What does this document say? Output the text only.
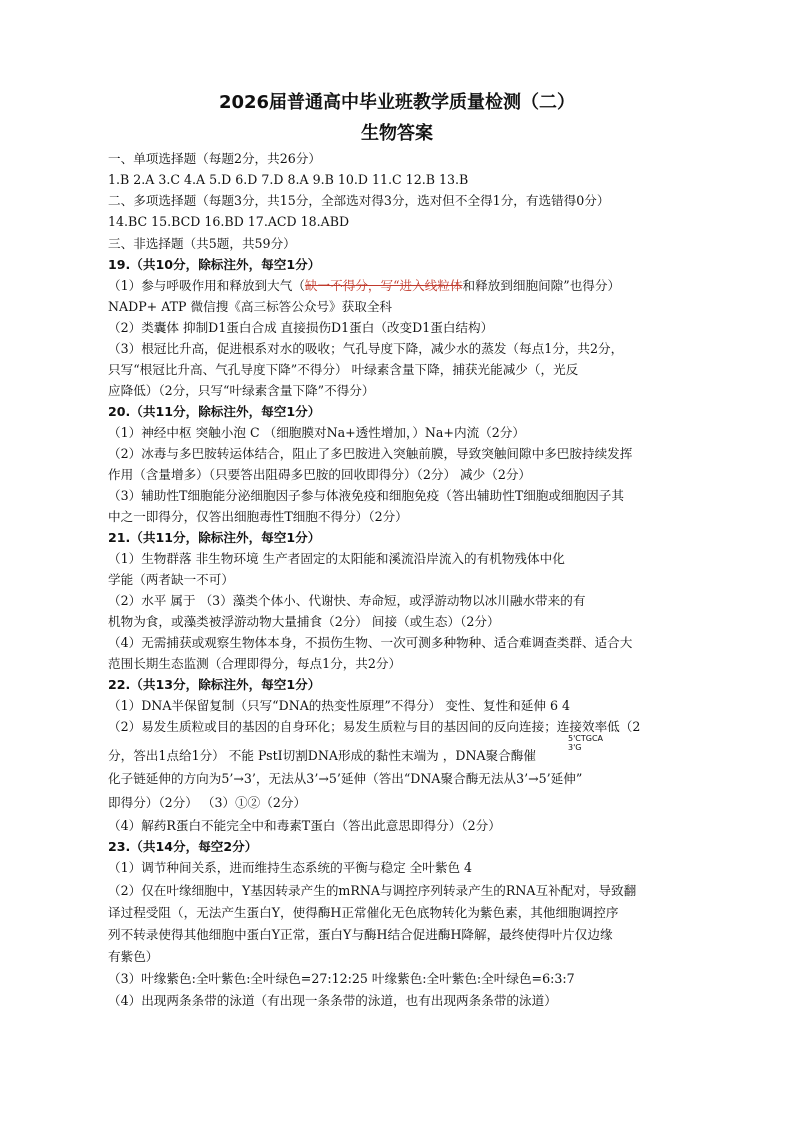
2026届普通高中毕业班教学质量检测（二）
生物答案
一、单项选择题（每题2分，共26分）
1.B 2.A 3.C 4.A 5.D 6.D 7.D 8.A 9.B 10.D 11.C 12.B 13.B
二、多项选择题（每题3分，共15分，全部选对得3分，选对但不全得1分，有选错得0分）
14.BC 15.BCD 16.BD 17.ACD 18.ABD
三、非选择题（共5题，共59分）
19.（共10分，除标注外，每空1分）
（1）参与呼吸作用和释放到大气（缺一不得分，写“进入线粒体和释放到细胞间隙”也得分）
NADP+ ATP 微信搜《高三标答公众号》获取全科
（2）类囊体 抑制D1蛋白合成 直接损伤D1蛋白（改变D1蛋白结构）
（3）根冠比升高，促进根系对水的吸收；气孔导度下降，减少水的蒸发（每点1分，共2分，
只写“根冠比升高、气孔导度下降”不得分） 叶绿素含量下降，捕获光能减少（，光反
应降低）（2分，只写“叶绿素含量下降”不得分）
20.（共11分，除标注外，每空1分）
（1）神经中枢 突触小泡 C （细胞膜对Na+透性增加，）Na+内流（2分）
（2）冰毒与多巴胺转运体结合，阻止了多巴胺进入突触前膜，导致突触间隙中多巴胺持续发挥
作用（含量增多）（只要答出阻碍多巴胺的回收即得分）（2分） 减少（2分）
（3）辅助性T细胞能分泌细胞因子参与体液免疫和细胞免疫（答出辅助性T细胞或细胞因子其
中之一即得分，仅答出细胞毒性T细胞不得分）（2分）
21.（共11分，除标注外，每空1分）
（1）生物群落 非生物环境 生产者固定的太阳能和溪流沿岸流入的有机物残体中化
学能（两者缺一不可）
（2）水平 属于 （3）藻类个体小、代谢快、寿命短，或浮游动物以冰川融水带来的有
机物为食，或藻类被浮游动物大量捕食（2分） 间接（或生态）（2分）
（4）无需捕获或观察生物体本身，不损伤生物、一次可测多种物种、适合难调查类群、适合大
范围长期生态监测（合理即得分，每点1分，共2分）
22.（共13分，除标注外，每空1分）
（1）DNA半保留复制（只写“DNA的热变性原理”不得分） 变性、复性和延伸 6 4
（2）易发生质粒或目的基因的自身环化；易发生质粒与目的基因间的反向连接；连接效率低（2
分，答出1点给1分） 不能 PstI切割DNA形成的黏性末端为 ，DNA聚合酶催
5'CTGCA
3'G
化子链延伸的方向为5’→3’，无法从3’→5’延伸（答出“DNA聚合酶无法从3’→5’延伸”
即得分）（2分） （3）①②（2分）
（4）解药R蛋白不能完全中和毒素T蛋白（答出此意思即得分）（2分）
23.（共14分，每空2分）
（1）调节种间关系，进而维持生态系统的平衡与稳定 全叶紫色 4
（2）仅在叶缘细胞中，Y基因转录产生的mRNA与调控序列转录产生的RNA互补配对，导致翻
译过程受阻（，无法产生蛋白Y，使得酶H正常催化无色底物转化为紫色素，其他细胞调控序
列不转录使得其他细胞中蛋白Y正常，蛋白Y与酶H结合促进酶H降解，最终使得叶片仅边缘
有紫色）
（3）叶缘紫色:全叶紫色:全叶绿色=27:12:25 叶缘紫色:全叶紫色:全叶绿色=6:3:7
（4）出现两条条带的泳道（有出现一条条带的泳道，也有出现两条条带的泳道）
